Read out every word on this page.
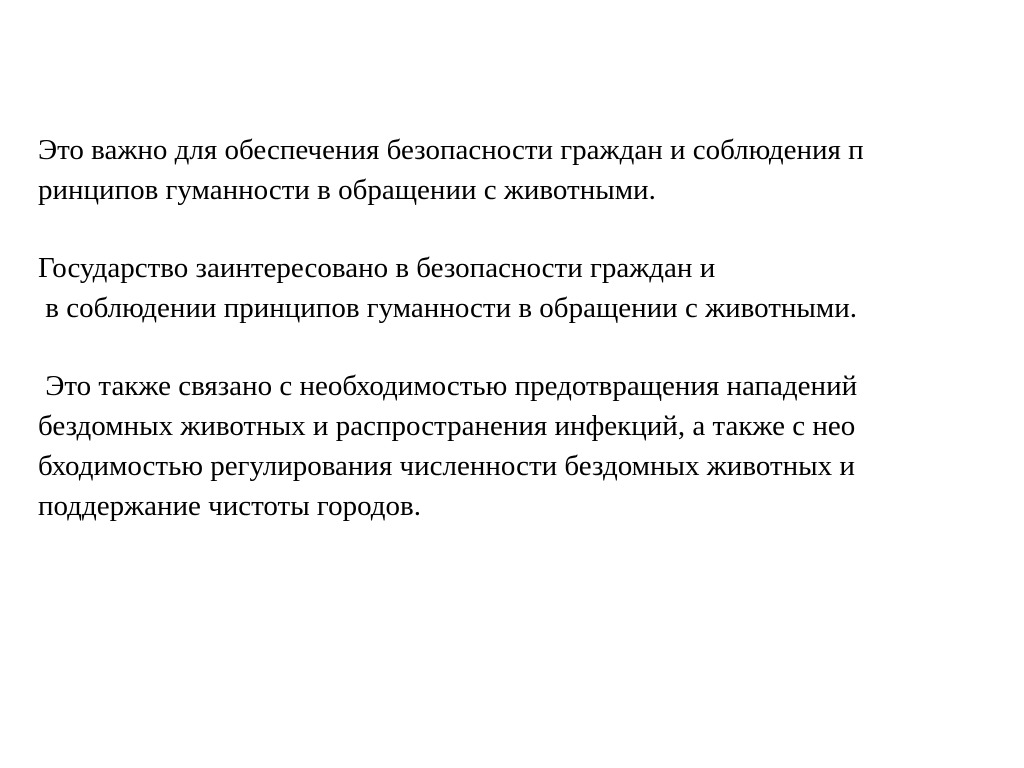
Это важно для обеспечения безопасности граждан и соблюдения п
ринципов гуманности в обращении с животными.
Государство заинтересовано в безопасности граждан и
в соблюдении принципов гуманности в обращении с животными.
Это также связано с необходимостью предотвращения нападений
бездомных животных и распространения инфекций, а также с нео
бходимостью регулирования численности бездомных животных и
поддержание чистоты городов.
